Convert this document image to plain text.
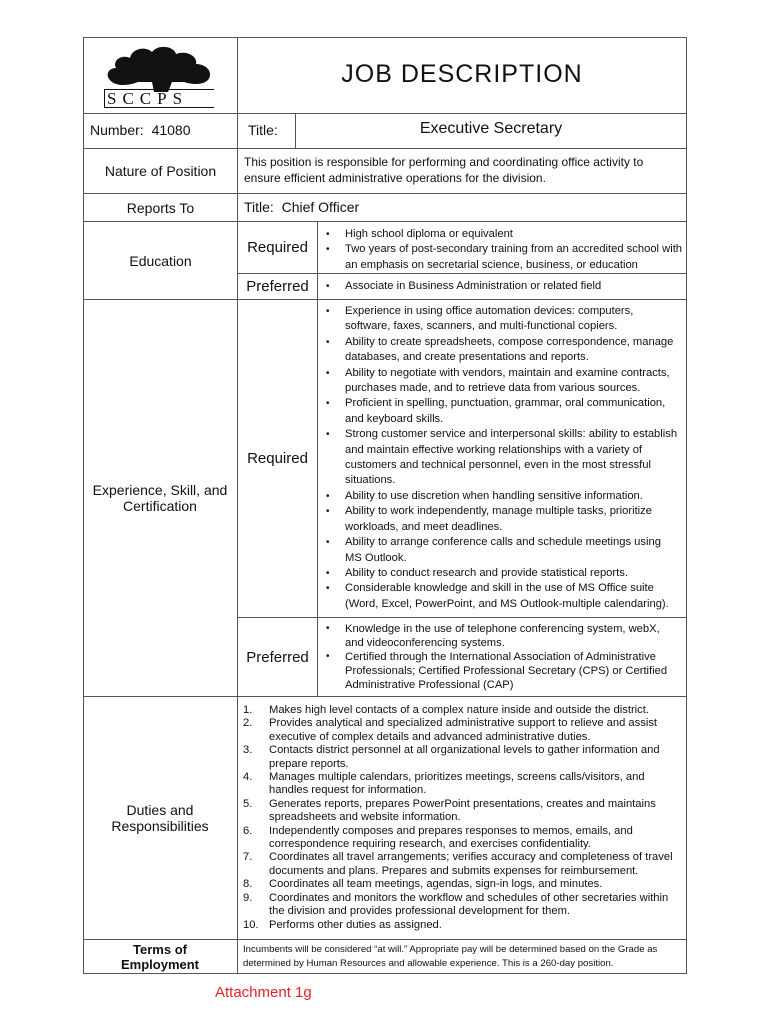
SCCPS
JOB DESCRIPTION
Number: 41080	Title:	Executive Secretary
Nature of Position
This position is responsible for performing and coordinating office activity to ensure efficient administrative operations for the division.
Reports To	Title:  Chief Officer
Education
Required
• High school diploma or equivalent
• Two years of post-secondary training from an accredited school with an emphasis on secretarial science, business, or education
Preferred
•	Associate in Business Administration or related field
Experience, Skill, and Certification
Required
• Experience in using office automation devices: computers, software, faxes, scanners, and multi-functional copiers.
• Ability to create spreadsheets, compose correspondence, manage databases, and create presentations and reports.
• Ability to negotiate with vendors, maintain and examine contracts, purchases made, and to retrieve data from various sources.
• Proficient in spelling, punctuation, grammar, oral communication, and keyboard skills.
• Strong customer service and interpersonal skills: ability to establish and maintain effective working relationships with a variety of customers and technical personnel, even in the most stressful situations.
• Ability to use discretion when handling sensitive information.
• Ability to work independently, manage multiple tasks, prioritize workloads, and meet deadlines.
• Ability to arrange conference calls and schedule meetings using MS Outlook.
• Ability to conduct research and provide statistical reports.
• Considerable knowledge and skill in the use of MS Office suite (Word, Excel, PowerPoint, and MS Outlook-multiple calendaring).
Preferred
• Knowledge in the use of telephone conferencing system, webX, and videoconferencing systems.
• Certified through the International Association of Administrative Professionals; Certified Professional Secretary (CPS) or Certified Administrative Professional (CAP)
Duties and Responsibilities
1. Makes high level contacts of a complex nature inside and outside the district.
2. Provides analytical and specialized administrative support to relieve and assist executive of complex details and advanced administrative duties.
3. Contacts district personnel at all organizational levels to gather information and prepare reports.
4. Manages multiple calendars, prioritizes meetings, screens calls/visitors, and handles request for information.
5. Generates reports, prepares PowerPoint presentations, creates and maintains spreadsheets and website information.
6. Independently composes and prepares responses to memos, emails, and correspondence requiring research, and exercises confidentiality.
7. Coordinates all travel arrangements; verifies accuracy and completeness of travel documents and plans. Prepares and submits expenses for reimbursement.
8. Coordinates all team meetings, agendas, sign-in logs, and minutes.
9. Coordinates and monitors the workflow and schedules of other secretaries within the division and provides professional development for them.
10. Performs other duties as assigned.
Terms of Employment
Incumbents will be considered “at will.” Appropriate pay will be determined based on the Grade as determined by Human Resources and allowable experience. This is a 260-day position.
Attachment 1g
